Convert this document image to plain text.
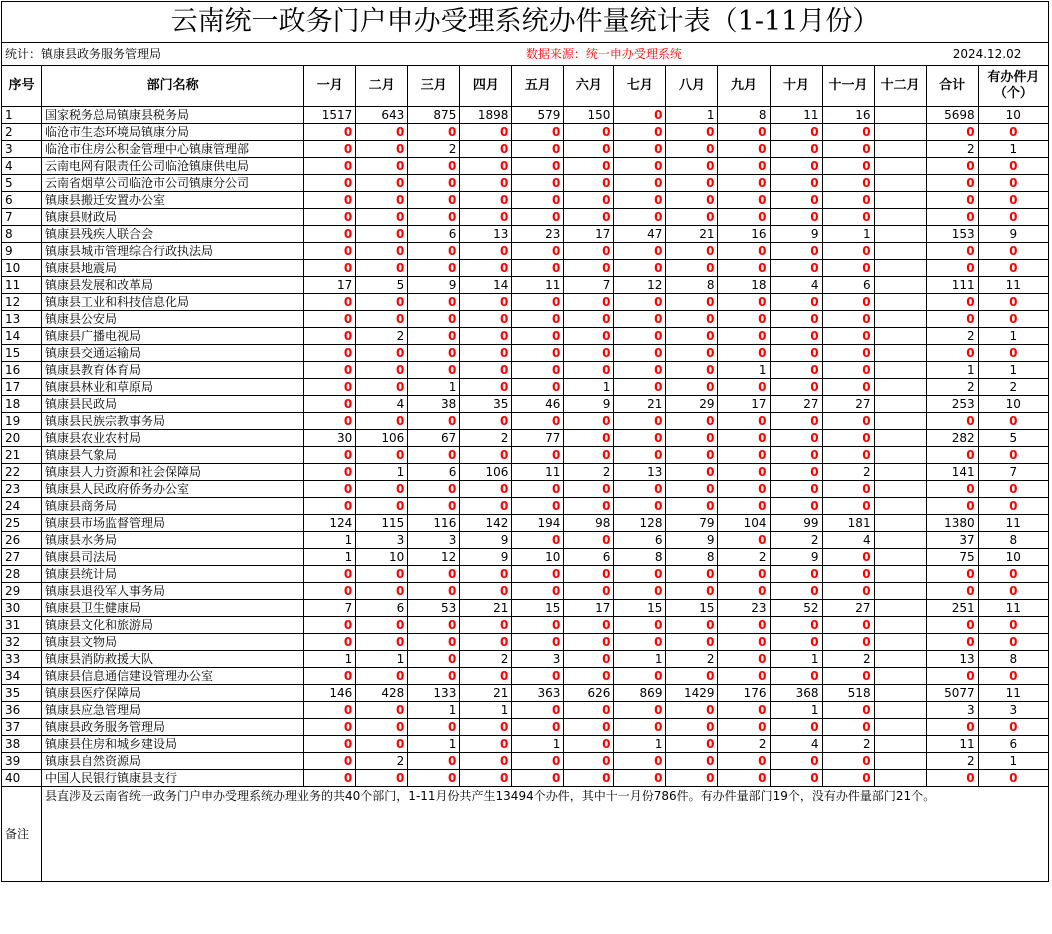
云南统一政务门户申办受理系统办件量统计表（1-11月份）															
统计：镇康县政务服务管理局						数据来源：统一申办受理系统								2024.12.02	
序号	部门名称	一月	二月	三月	四月	五月	六月	七月	八月	九月	十月	十一月	十二月	合计	有办件月
（个）
1	国家税务总局镇康县税务局	1517	643	875	1898	579	150	0	1	8	11	16		5698	10
2	临沧市生态环境局镇康分局	0	0	0	0	0	0	0	0	0	0	0		0	0
3	临沧市住房公积金管理中心镇康管理部	0	0	2	0	0	0	0	0	0	0	0		2	1
4	云南电网有限责任公司临沧镇康供电局	0	0	0	0	0	0	0	0	0	0	0		0	0
5	云南省烟草公司临沧市公司镇康分公司	0	0	0	0	0	0	0	0	0	0	0		0	0
6	镇康县搬迁安置办公室	0	0	0	0	0	0	0	0	0	0	0		0	0
7	镇康县财政局	0	0	0	0	0	0	0	0	0	0	0		0	0
8	镇康县残疾人联合会	0	0	6	13	23	17	47	21	16	9	1		153	9
9	镇康县城市管理综合行政执法局	0	0	0	0	0	0	0	0	0	0	0		0	0
10	镇康县地震局	0	0	0	0	0	0	0	0	0	0	0		0	0
11	镇康县发展和改革局	17	5	9	14	11	7	12	8	18	4	6		111	11
12	镇康县工业和科技信息化局	0	0	0	0	0	0	0	0	0	0	0		0	0
13	镇康县公安局	0	0	0	0	0	0	0	0	0	0	0		0	0
14	镇康县广播电视局	0	2	0	0	0	0	0	0	0	0	0		2	1
15	镇康县交通运输局	0	0	0	0	0	0	0	0	0	0	0		0	0
16	镇康县教育体育局	0	0	0	0	0	0	0	0	1	0	0		1	1
17	镇康县林业和草原局	0	0	1	0	0	1	0	0	0	0	0		2	2
18	镇康县民政局	0	4	38	35	46	9	21	29	17	27	27		253	10
19	镇康县民族宗教事务局	0	0	0	0	0	0	0	0	0	0	0		0	0
20	镇康县农业农村局	30	106	67	2	77	0	0	0	0	0	0		282	5
21	镇康县气象局	0	0	0	0	0	0	0	0	0	0	0		0	0
22	镇康县人力资源和社会保障局	0	1	6	106	11	2	13	0	0	0	2		141	7
23	镇康县人民政府侨务办公室	0	0	0	0	0	0	0	0	0	0	0		0	0
24	镇康县商务局	0	0	0	0	0	0	0	0	0	0	0		0	0
25	镇康县市场监督管理局	124	115	116	142	194	98	128	79	104	99	181		1380	11
26	镇康县水务局	1	3	3	9	0	0	6	9	0	2	4		37	8
27	镇康县司法局	1	10	12	9	10	6	8	8	2	9	0		75	10
28	镇康县统计局	0	0	0	0	0	0	0	0	0	0	0		0	0
29	镇康县退役军人事务局	0	0	0	0	0	0	0	0	0	0	0		0	0
30	镇康县卫生健康局	7	6	53	21	15	17	15	15	23	52	27		251	11
31	镇康县文化和旅游局	0	0	0	0	0	0	0	0	0	0	0		0	0
32	镇康县文物局	0	0	0	0	0	0	0	0	0	0	0		0	0
33	镇康县消防救援大队	1	1	0	2	3	0	1	2	0	1	2		13	8
34	镇康县信息通信建设管理办公室	0	0	0	0	0	0	0	0	0	0	0		0	0
35	镇康县医疗保障局	146	428	133	21	363	626	869	1429	176	368	518		5077	11
36	镇康县应急管理局	0	0	1	1	0	0	0	0	0	1	0		3	3
37	镇康县政务服务管理局	0	0	0	0	0	0	0	0	0	0	0		0	0
38	镇康县住房和城乡建设局	0	0	1	0	1	0	1	0	2	4	2		11	6
39	镇康县自然资源局	0	2	0	0	0	0	0	0	0	0	0		2	1
40	中国人民银行镇康县支行	0	0	0	0	0	0	0	0	0	0	0		0	0
备注	县直涉及云南省统一政务门户申办受理系统办理业务的共40个部门，1-11月份共产生13494个办件，其中十一月份786件。有办件量部门19个，没有办件量部门21个。														
